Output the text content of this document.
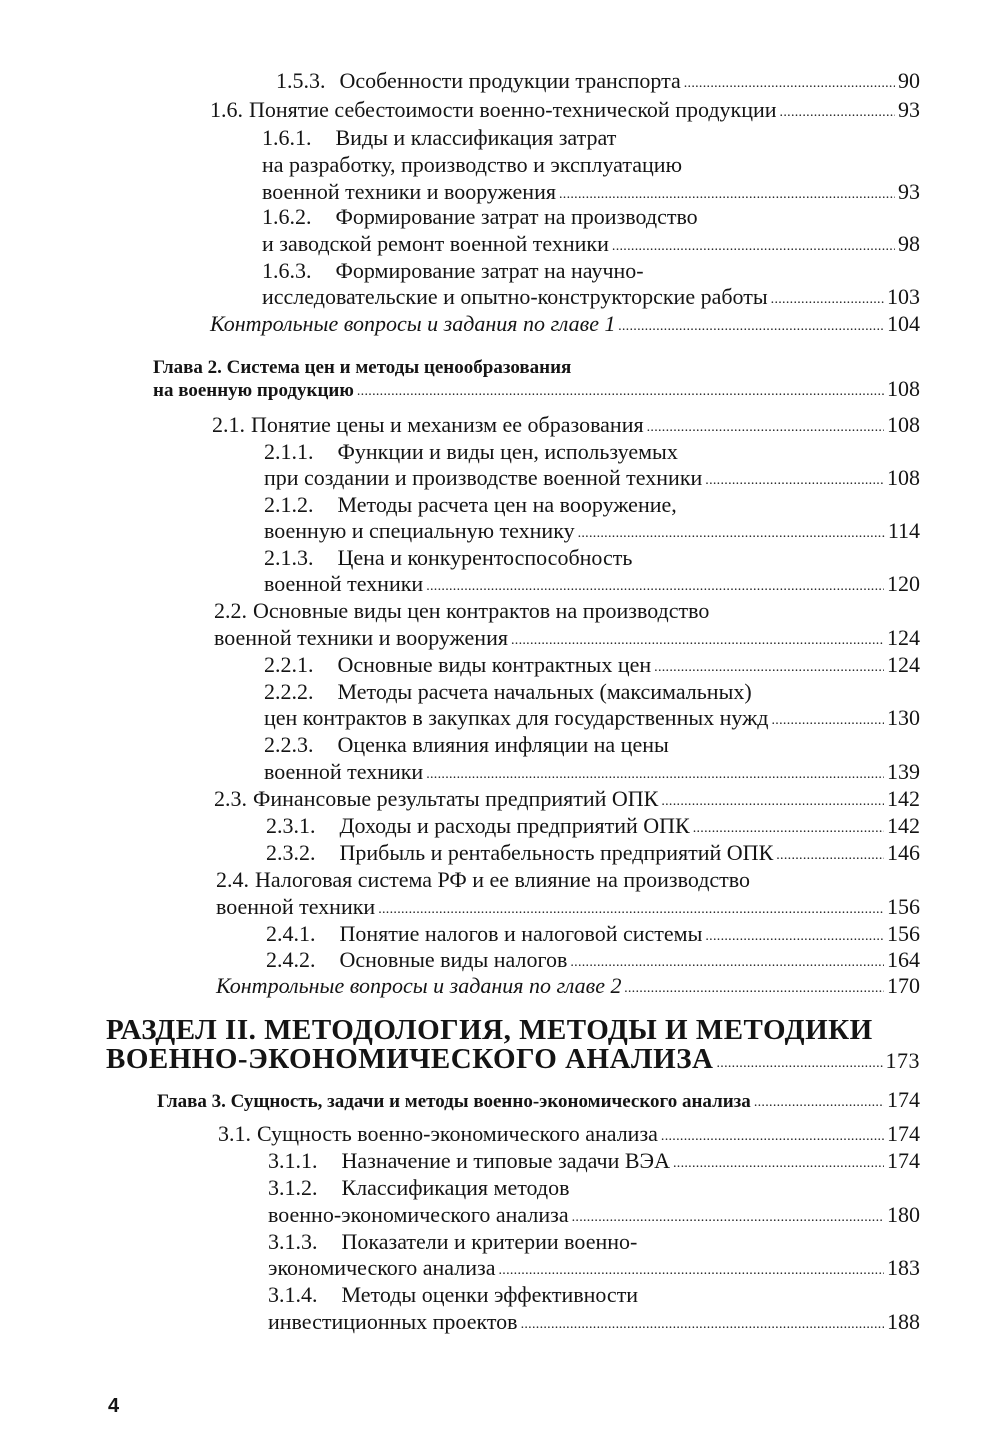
1.5.3. Особенности продукции транспорта . . .	90
1.6. Понятие себестоимости военно-технической продукции . . .	93
1.6.1. Виды и классификация затрат
на разработку, производство и эксплуатацию
военной техники и вооружения . . .	93
1.6.2. Формирование затрат на производство
и заводской ремонт военной техники . . .	98
1.6.3. Формирование затрат на научно-
исследовательские и опытно-конструкторские работы . . .	103
Контрольные вопросы и задания по главе 1 . . .	104
Глава 2. Система цен и методы ценообразования
на военную продукцию . . .	108
2.1. Понятие цены и механизм ее образования . . .	108
2.1.1. Функции и виды цен, используемых
при создании и производстве военной техники . . .	108
2.1.2. Методы расчета цен на вооружение,
военную и специальную технику . . .	114
2.1.3. Цена и конкурентоспособность
военной техники . . .	120
2.2. Основные виды цен контрактов на производство
военной техники и вооружения . . .	124
2.2.1. Основные виды контрактных цен . . .	124
2.2.2. Методы расчета начальных (максимальных)
цен контрактов в закупках для государственных нужд . . .	130
2.2.3. Оценка влияния инфляции на цены
военной техники . . .	139
2.3. Финансовые результаты предприятий ОПК . . .	142
2.3.1. Доходы и расходы предприятий ОПК . . .	142
2.3.2. Прибыль и рентабельность предприятий ОПК . . .	146
2.4. Налоговая система РФ и ее влияние на производство
военной техники . . .	156
2.4.1. Понятие налогов и налоговой системы . . .	156
2.4.2. Основные виды налогов . . .	164
Контрольные вопросы и задания по главе 2 . . .	170
РАЗДЕЛ II. МЕТОДОЛОГИЯ, МЕТОДЫ И МЕТОДИКИ
ВОЕННО-ЭКОНОМИЧЕСКОГО АНАЛИЗА . . .	173
Глава 3. Сущность, задачи и методы военно-экономического анализа . . .	174
3.1. Сущность военно-экономического анализа . . .	174
3.1.1. Назначение и типовые задачи ВЭА . . .	174
3.1.2. Классификация методов
военно-экономического анализа . . .	180
3.1.3. Показатели и критерии военно-
экономического анализа . . .	183
3.1.4. Методы оценки эффективности
инвестиционных проектов . . .	188
4
